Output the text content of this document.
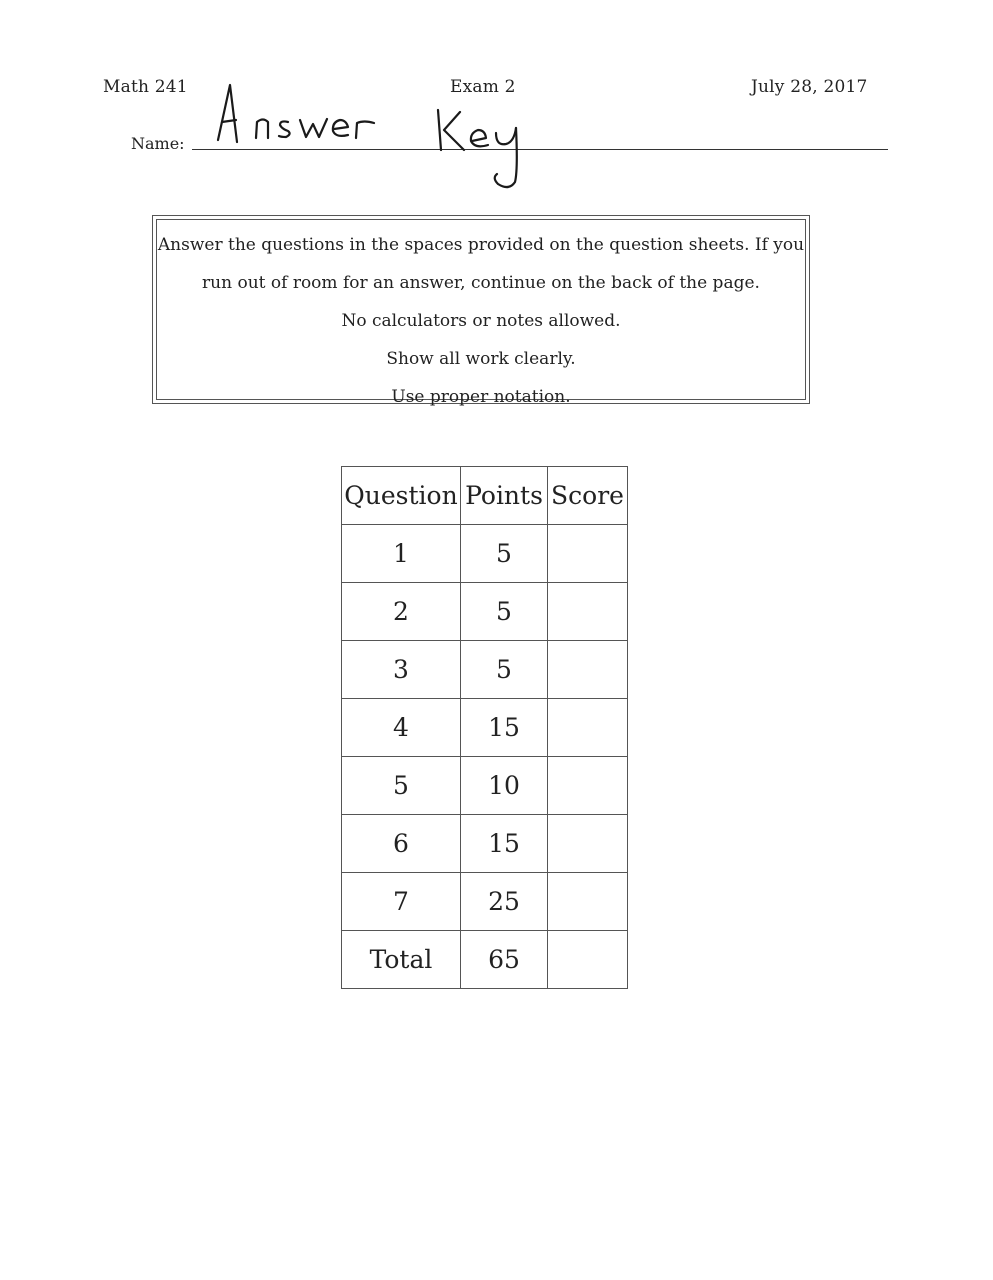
Math 241	Exam 2	July 28, 2017
Name:
Answer the questions in the spaces provided on the question sheets. If you
run out of room for an answer, continue on the back of the page.
No calculators or notes allowed.
Show all work clearly.
Use proper notation.
Question	Points	Score
1	5	
2	5	
3	5	
4	15	
5	10	
6	15	
7	25	
Total	65	
